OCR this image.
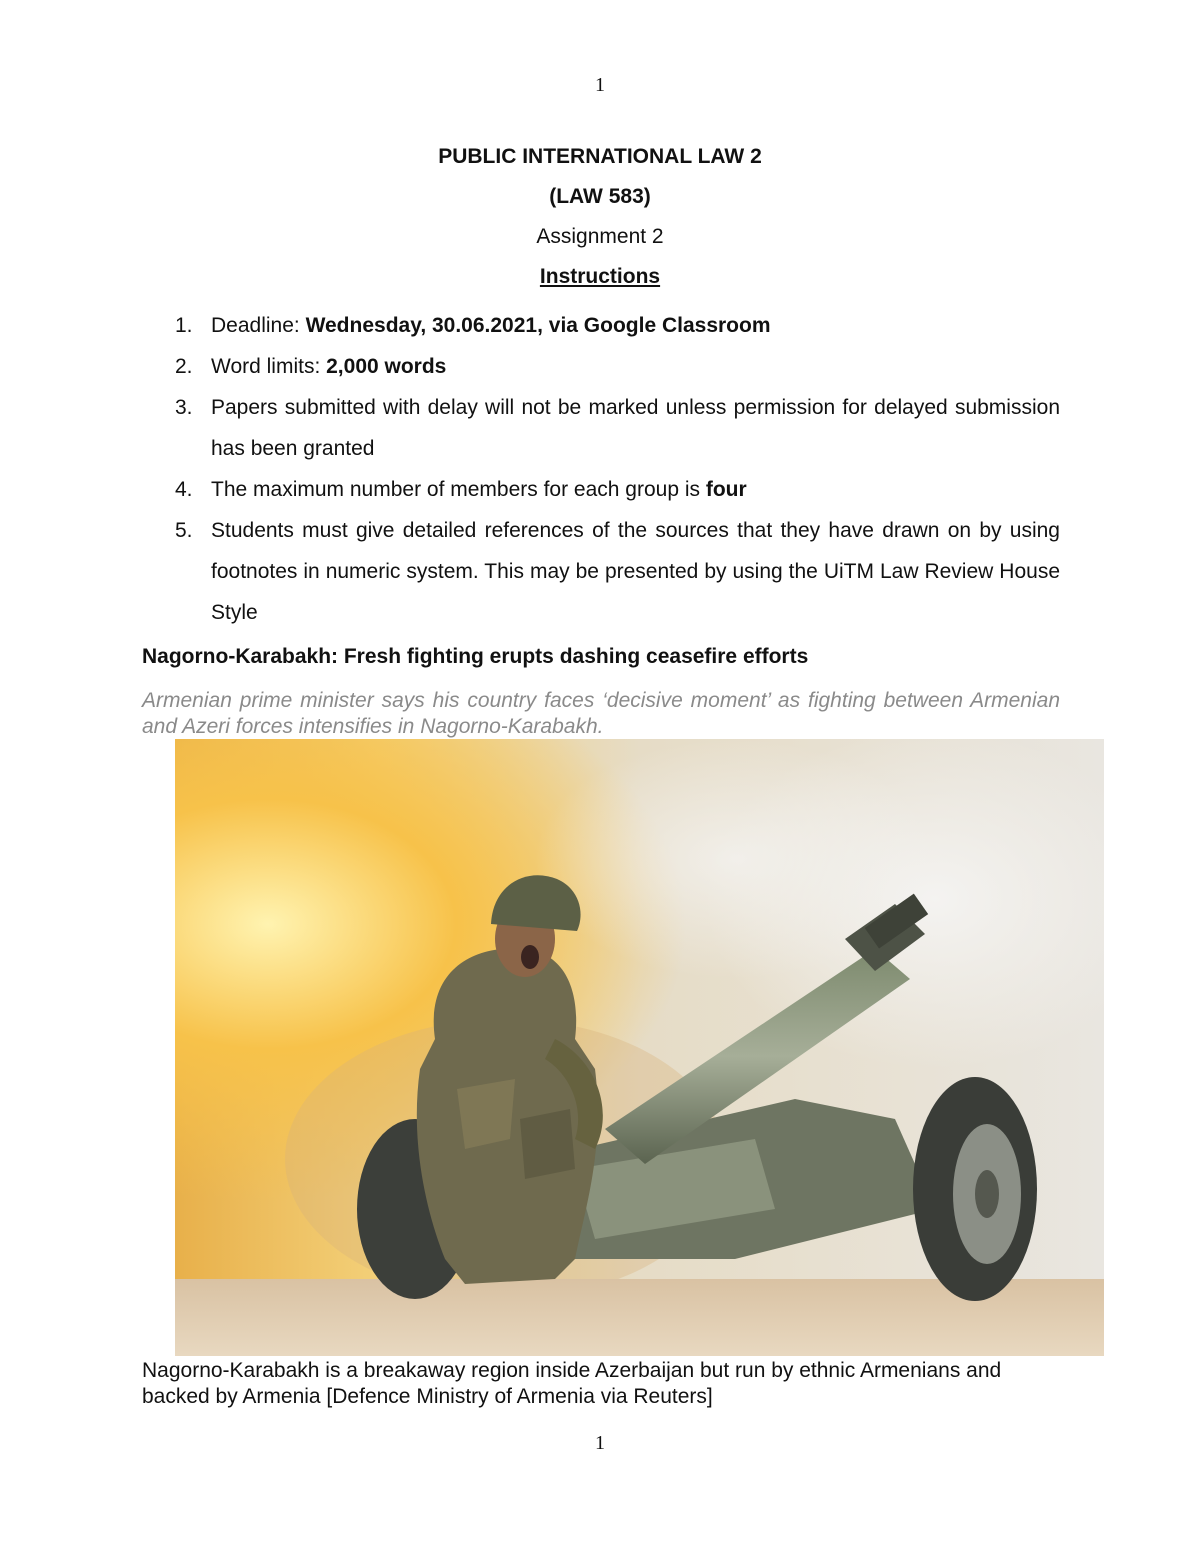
1
PUBLIC INTERNATIONAL LAW 2
(LAW 583)
Assignment 2
Instructions
1. Deadline: Wednesday, 30.06.2021, via Google Classroom
2. Word limits: 2,000 words
3. Papers submitted with delay will not be marked unless permission for delayed submission has been granted
4. The maximum number of members for each group is four
5. Students must give detailed references of the sources that they have drawn on by using footnotes in numeric system. This may be presented by using the UiTM Law Review House Style
Nagorno-Karabakh: Fresh fighting erupts dashing ceasefire efforts
Armenian prime minister says his country faces ‘decisive moment’ as fighting between Armenian and Azeri forces intensifies in Nagorno-Karabakh.
Nagorno-Karabakh is a breakaway region inside Azerbaijan but run by ethnic Armenians and backed by Armenia [Defence Ministry of Armenia via Reuters]
1
